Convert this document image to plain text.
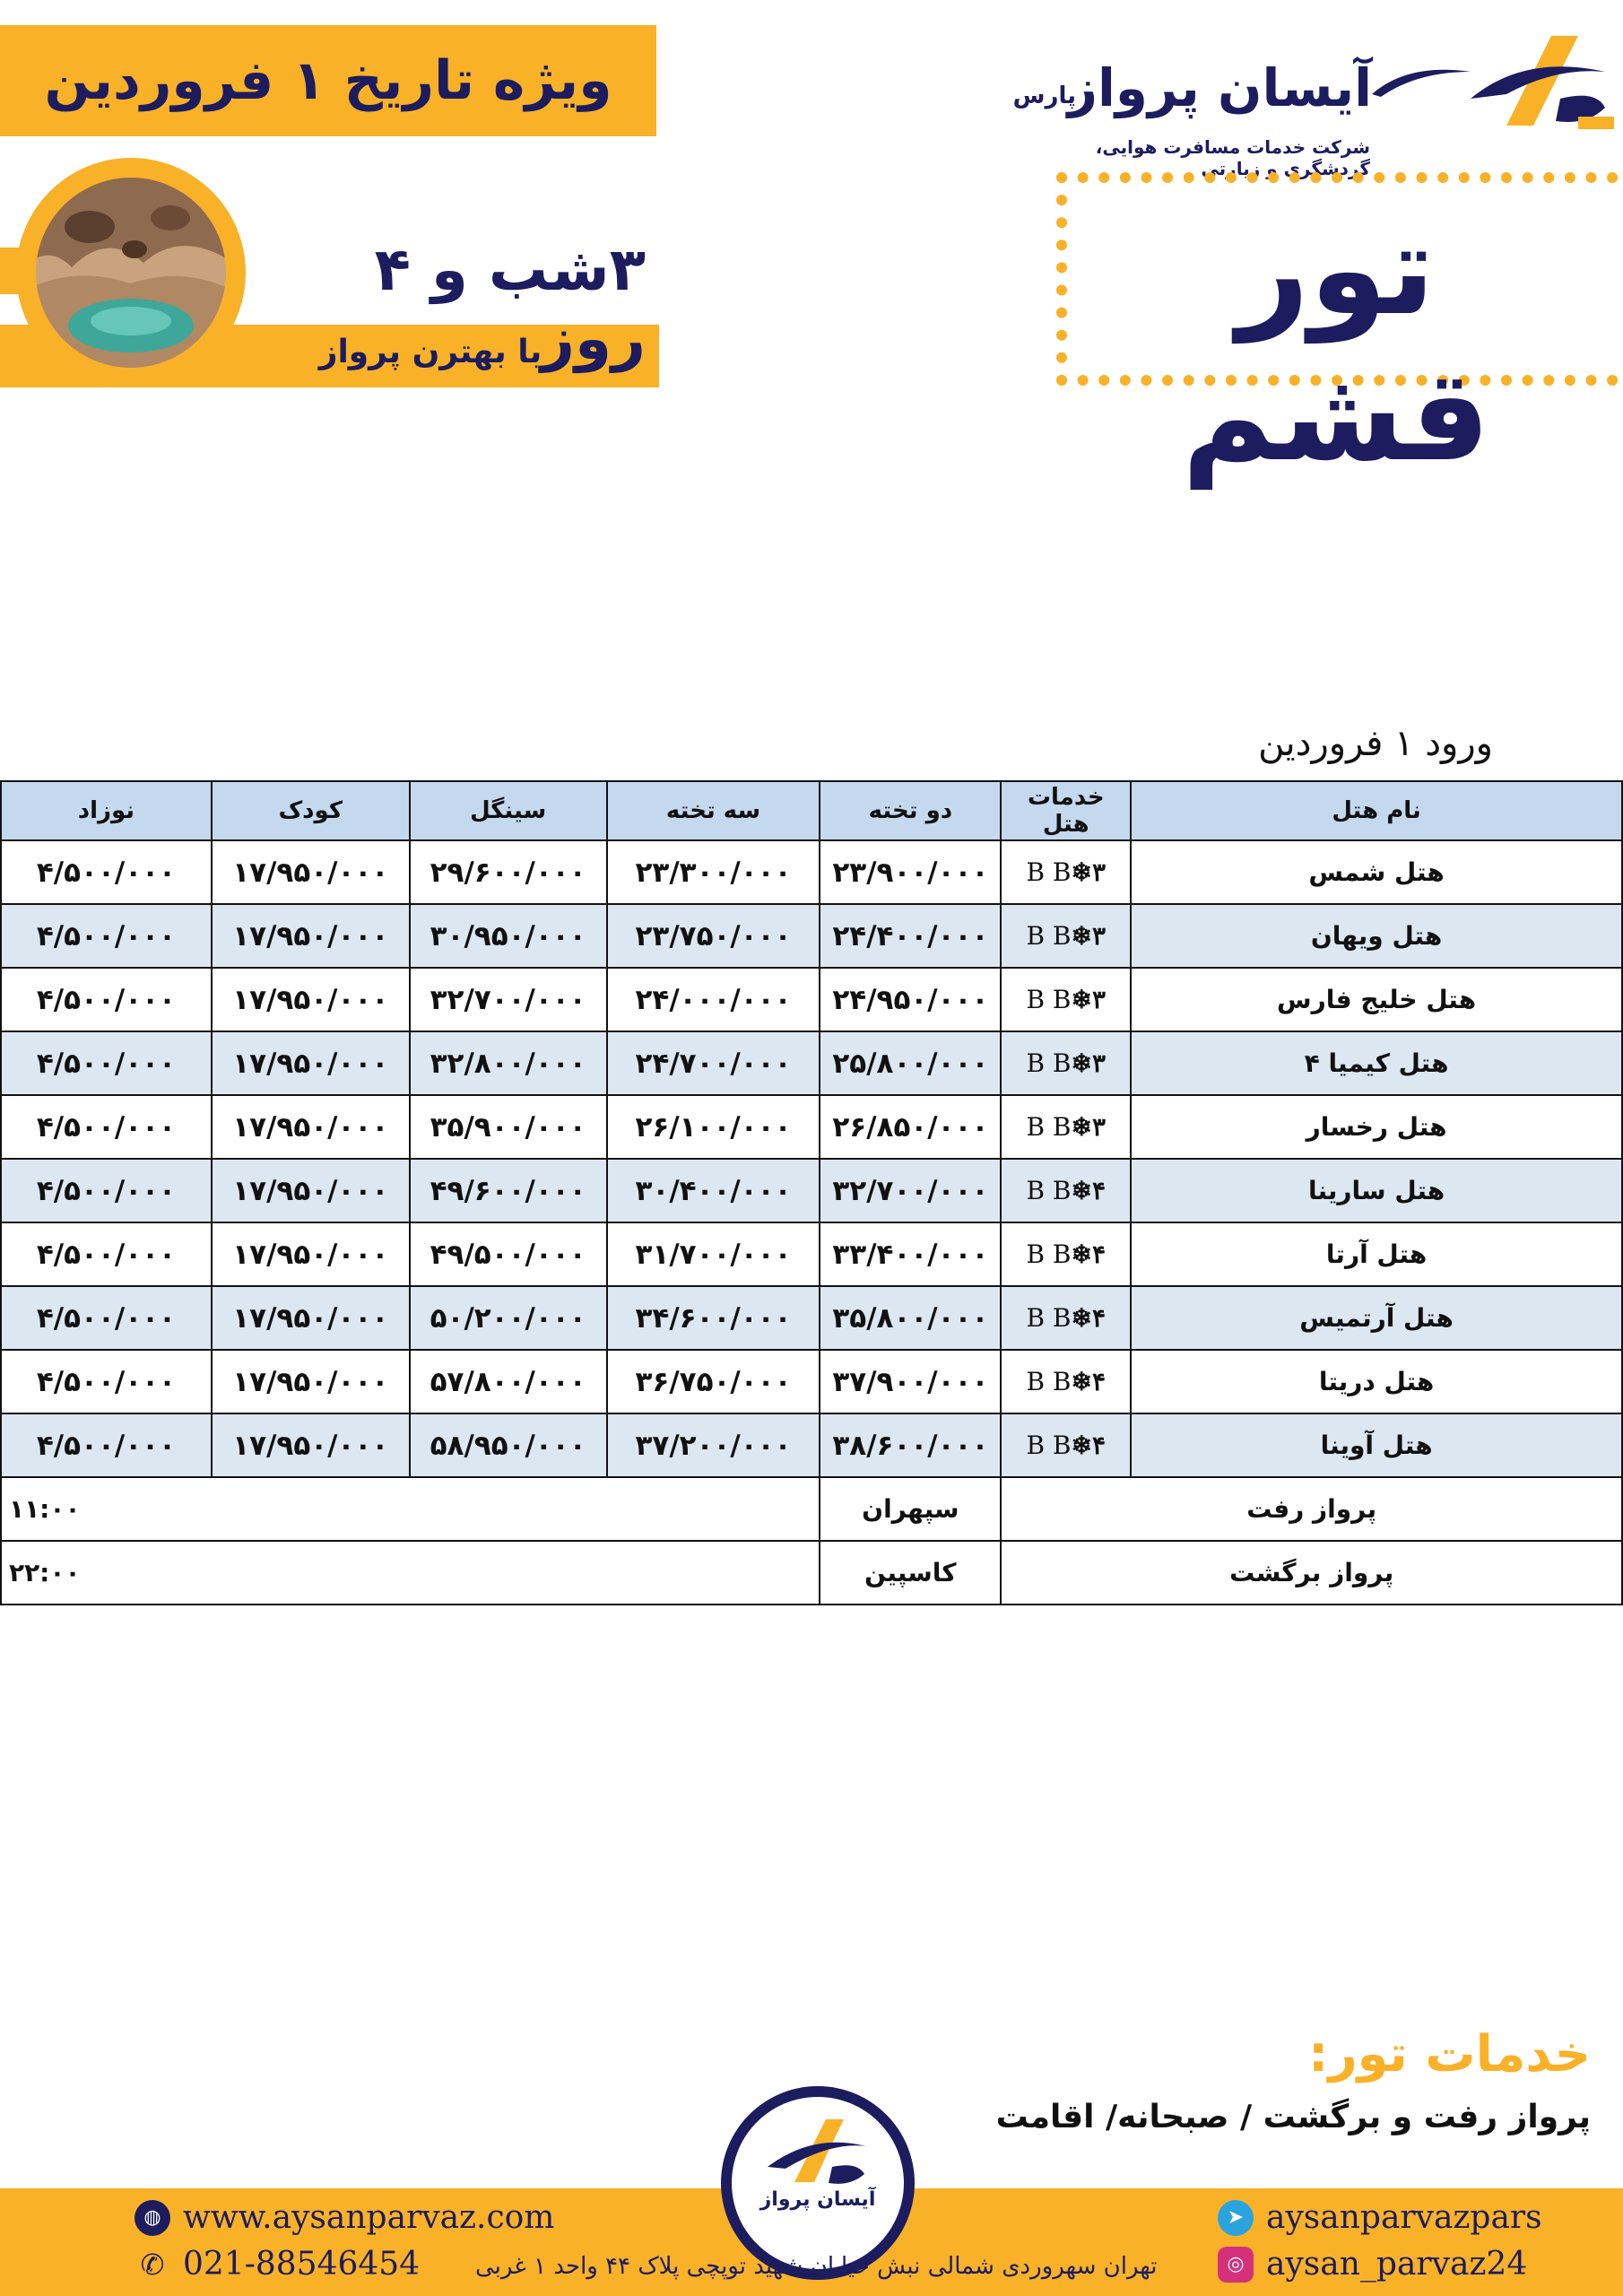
ویژه تاریخ ۱ فروردین
۳شب و ۴ روز
با بهترن پرواز
آیسان پرواز
پارس
شرکت خدمات مسافرت هوایی، گردشگری و زیارتی
تور قشم
ورود ۱ فروردین
نام هتل	خدمات هتل	دو تخته	سه تخته	سینگل	کودک	نوزاد
هتل شمس	۳❄B B	۲۳/۹۰۰/۰۰۰	۲۳/۳۰۰/۰۰۰	۲۹/۶۰۰/۰۰۰	۱۷/۹۵۰/۰۰۰	۴/۵۰۰/۰۰۰
هتل ویهان	۳❄B B	۲۴/۴۰۰/۰۰۰	۲۳/۷۵۰/۰۰۰	۳۰/۹۵۰/۰۰۰	۱۷/۹۵۰/۰۰۰	۴/۵۰۰/۰۰۰
هتل خلیج فارس	۳❄B B	۲۴/۹۵۰/۰۰۰	۲۴/۰۰۰/۰۰۰	۳۲/۷۰۰/۰۰۰	۱۷/۹۵۰/۰۰۰	۴/۵۰۰/۰۰۰
هتل کیمیا ۴	۳❄B B	۲۵/۸۰۰/۰۰۰	۲۴/۷۰۰/۰۰۰	۳۲/۸۰۰/۰۰۰	۱۷/۹۵۰/۰۰۰	۴/۵۰۰/۰۰۰
هتل رخسار	۳❄B B	۲۶/۸۵۰/۰۰۰	۲۶/۱۰۰/۰۰۰	۳۵/۹۰۰/۰۰۰	۱۷/۹۵۰/۰۰۰	۴/۵۰۰/۰۰۰
هتل سارینا	۴❄B B	۳۲/۷۰۰/۰۰۰	۳۰/۴۰۰/۰۰۰	۴۹/۶۰۰/۰۰۰	۱۷/۹۵۰/۰۰۰	۴/۵۰۰/۰۰۰
هتل آرتا	۴❄B B	۳۳/۴۰۰/۰۰۰	۳۱/۷۰۰/۰۰۰	۴۹/۵۰۰/۰۰۰	۱۷/۹۵۰/۰۰۰	۴/۵۰۰/۰۰۰
هتل آرتمیس	۴❄B B	۳۵/۸۰۰/۰۰۰	۳۴/۶۰۰/۰۰۰	۵۰/۲۰۰/۰۰۰	۱۷/۹۵۰/۰۰۰	۴/۵۰۰/۰۰۰
هتل دریتا	۴❄B B	۳۷/۹۰۰/۰۰۰	۳۶/۷۵۰/۰۰۰	۵۷/۸۰۰/۰۰۰	۱۷/۹۵۰/۰۰۰	۴/۵۰۰/۰۰۰
هتل آوینا	۴❄B B	۳۸/۶۰۰/۰۰۰	۳۷/۲۰۰/۰۰۰	۵۸/۹۵۰/۰۰۰	۱۷/۹۵۰/۰۰۰	۴/۵۰۰/۰۰۰
پرواز رفت		سپهران	۱۱:۰۰			
پرواز برگشت		کاسپین	۲۲:۰۰			
خدمات تور:
پرواز رفت و برگشت / صبحانه/ اقامت
آیسان پرواز
◍ www.aysanparvaz.com
✆ 021-88546454
➤ aysanparvazpars
◎ aysan_parvaz24
تهران سهروردی شمالی نبش خیابان شهید توپچی پلاک ۴۴ واحد ۱ غربی
